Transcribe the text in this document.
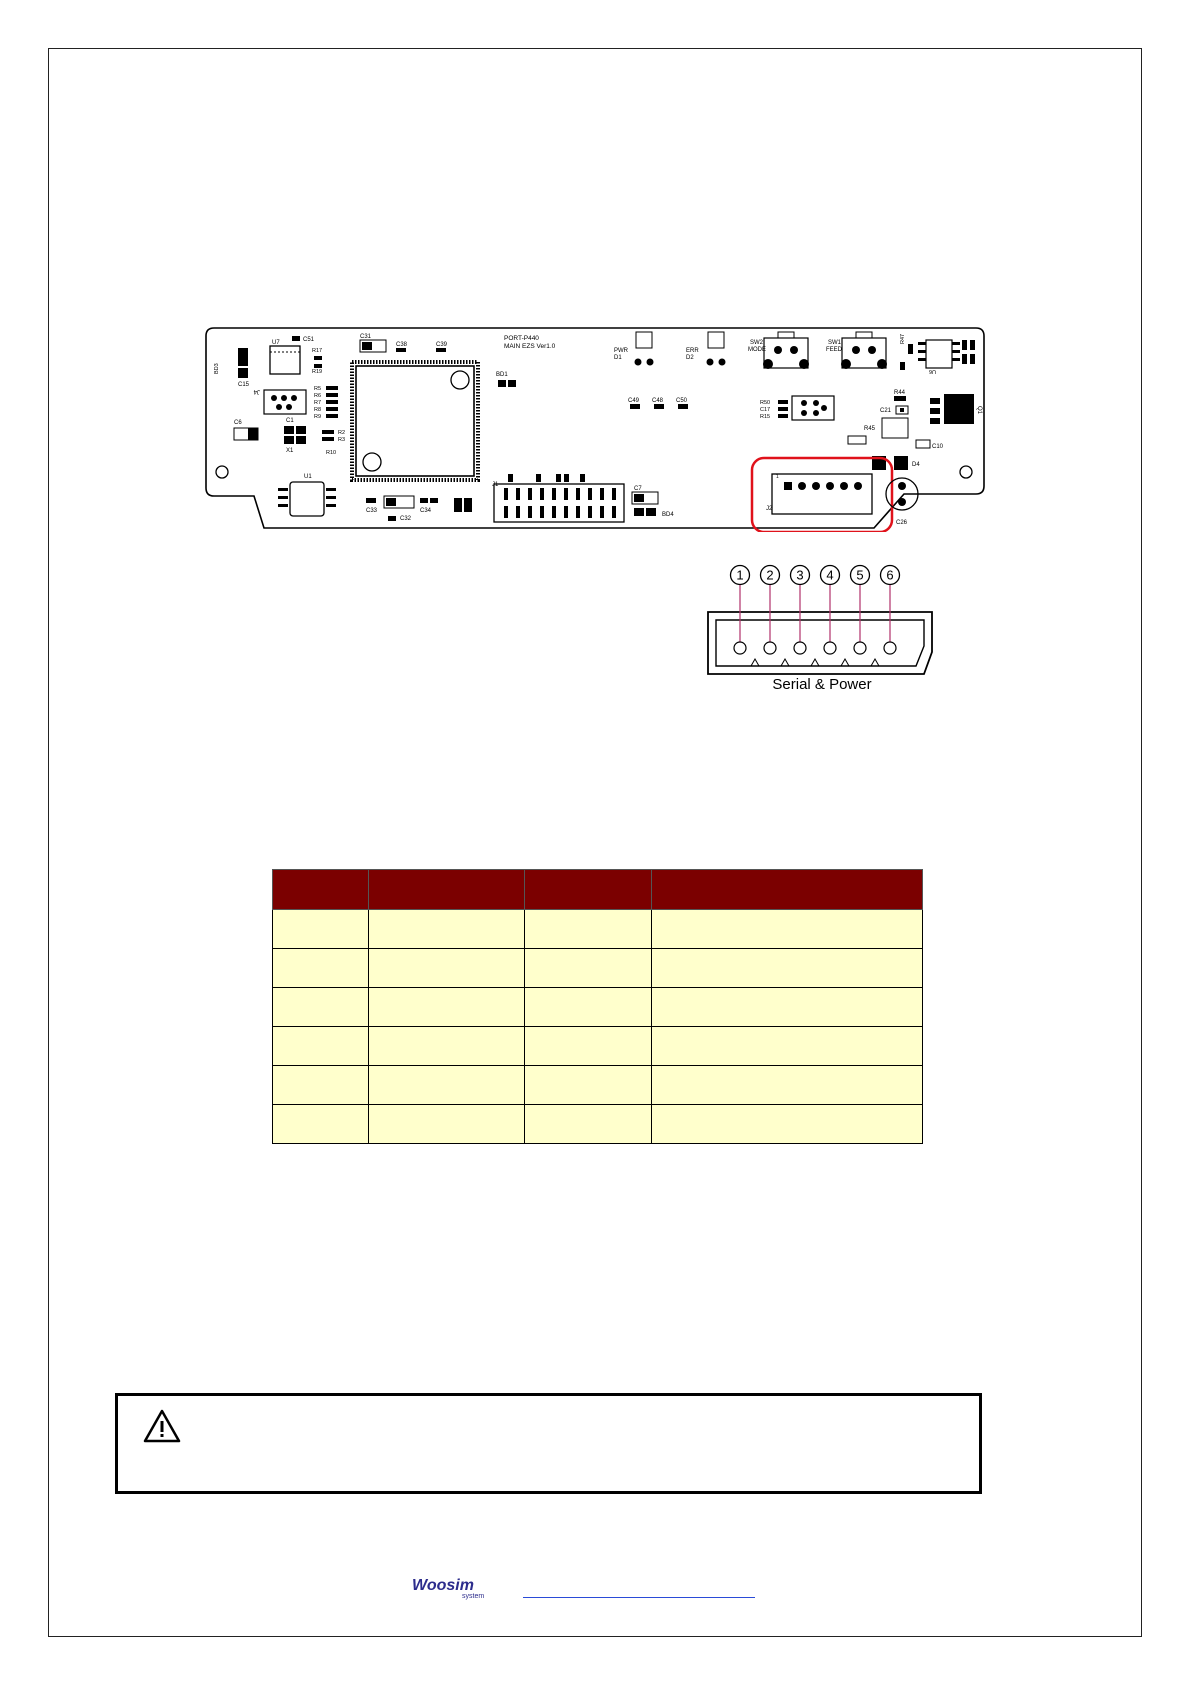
U7	C51
R17
R19
BD3
C15
J4
C6
X1
C1
R5
R6
R7
R8
R9
R10
R2
R3
U1
C31
C38	C39
C32
C33	C34
PORT-P440
MAIN EZS Ver1.0
BD1
J1
C7
BD4
C49 C48 C50
PWR
D1
ERR
D2
SW2
MODE
SW1
FEED
U6
R47
Q1
R44
C21
R45
C10
D4
R50
C17
R15
J2
1
C26
1 2 3 4 5 6
Serial & Power

Woosim
system
